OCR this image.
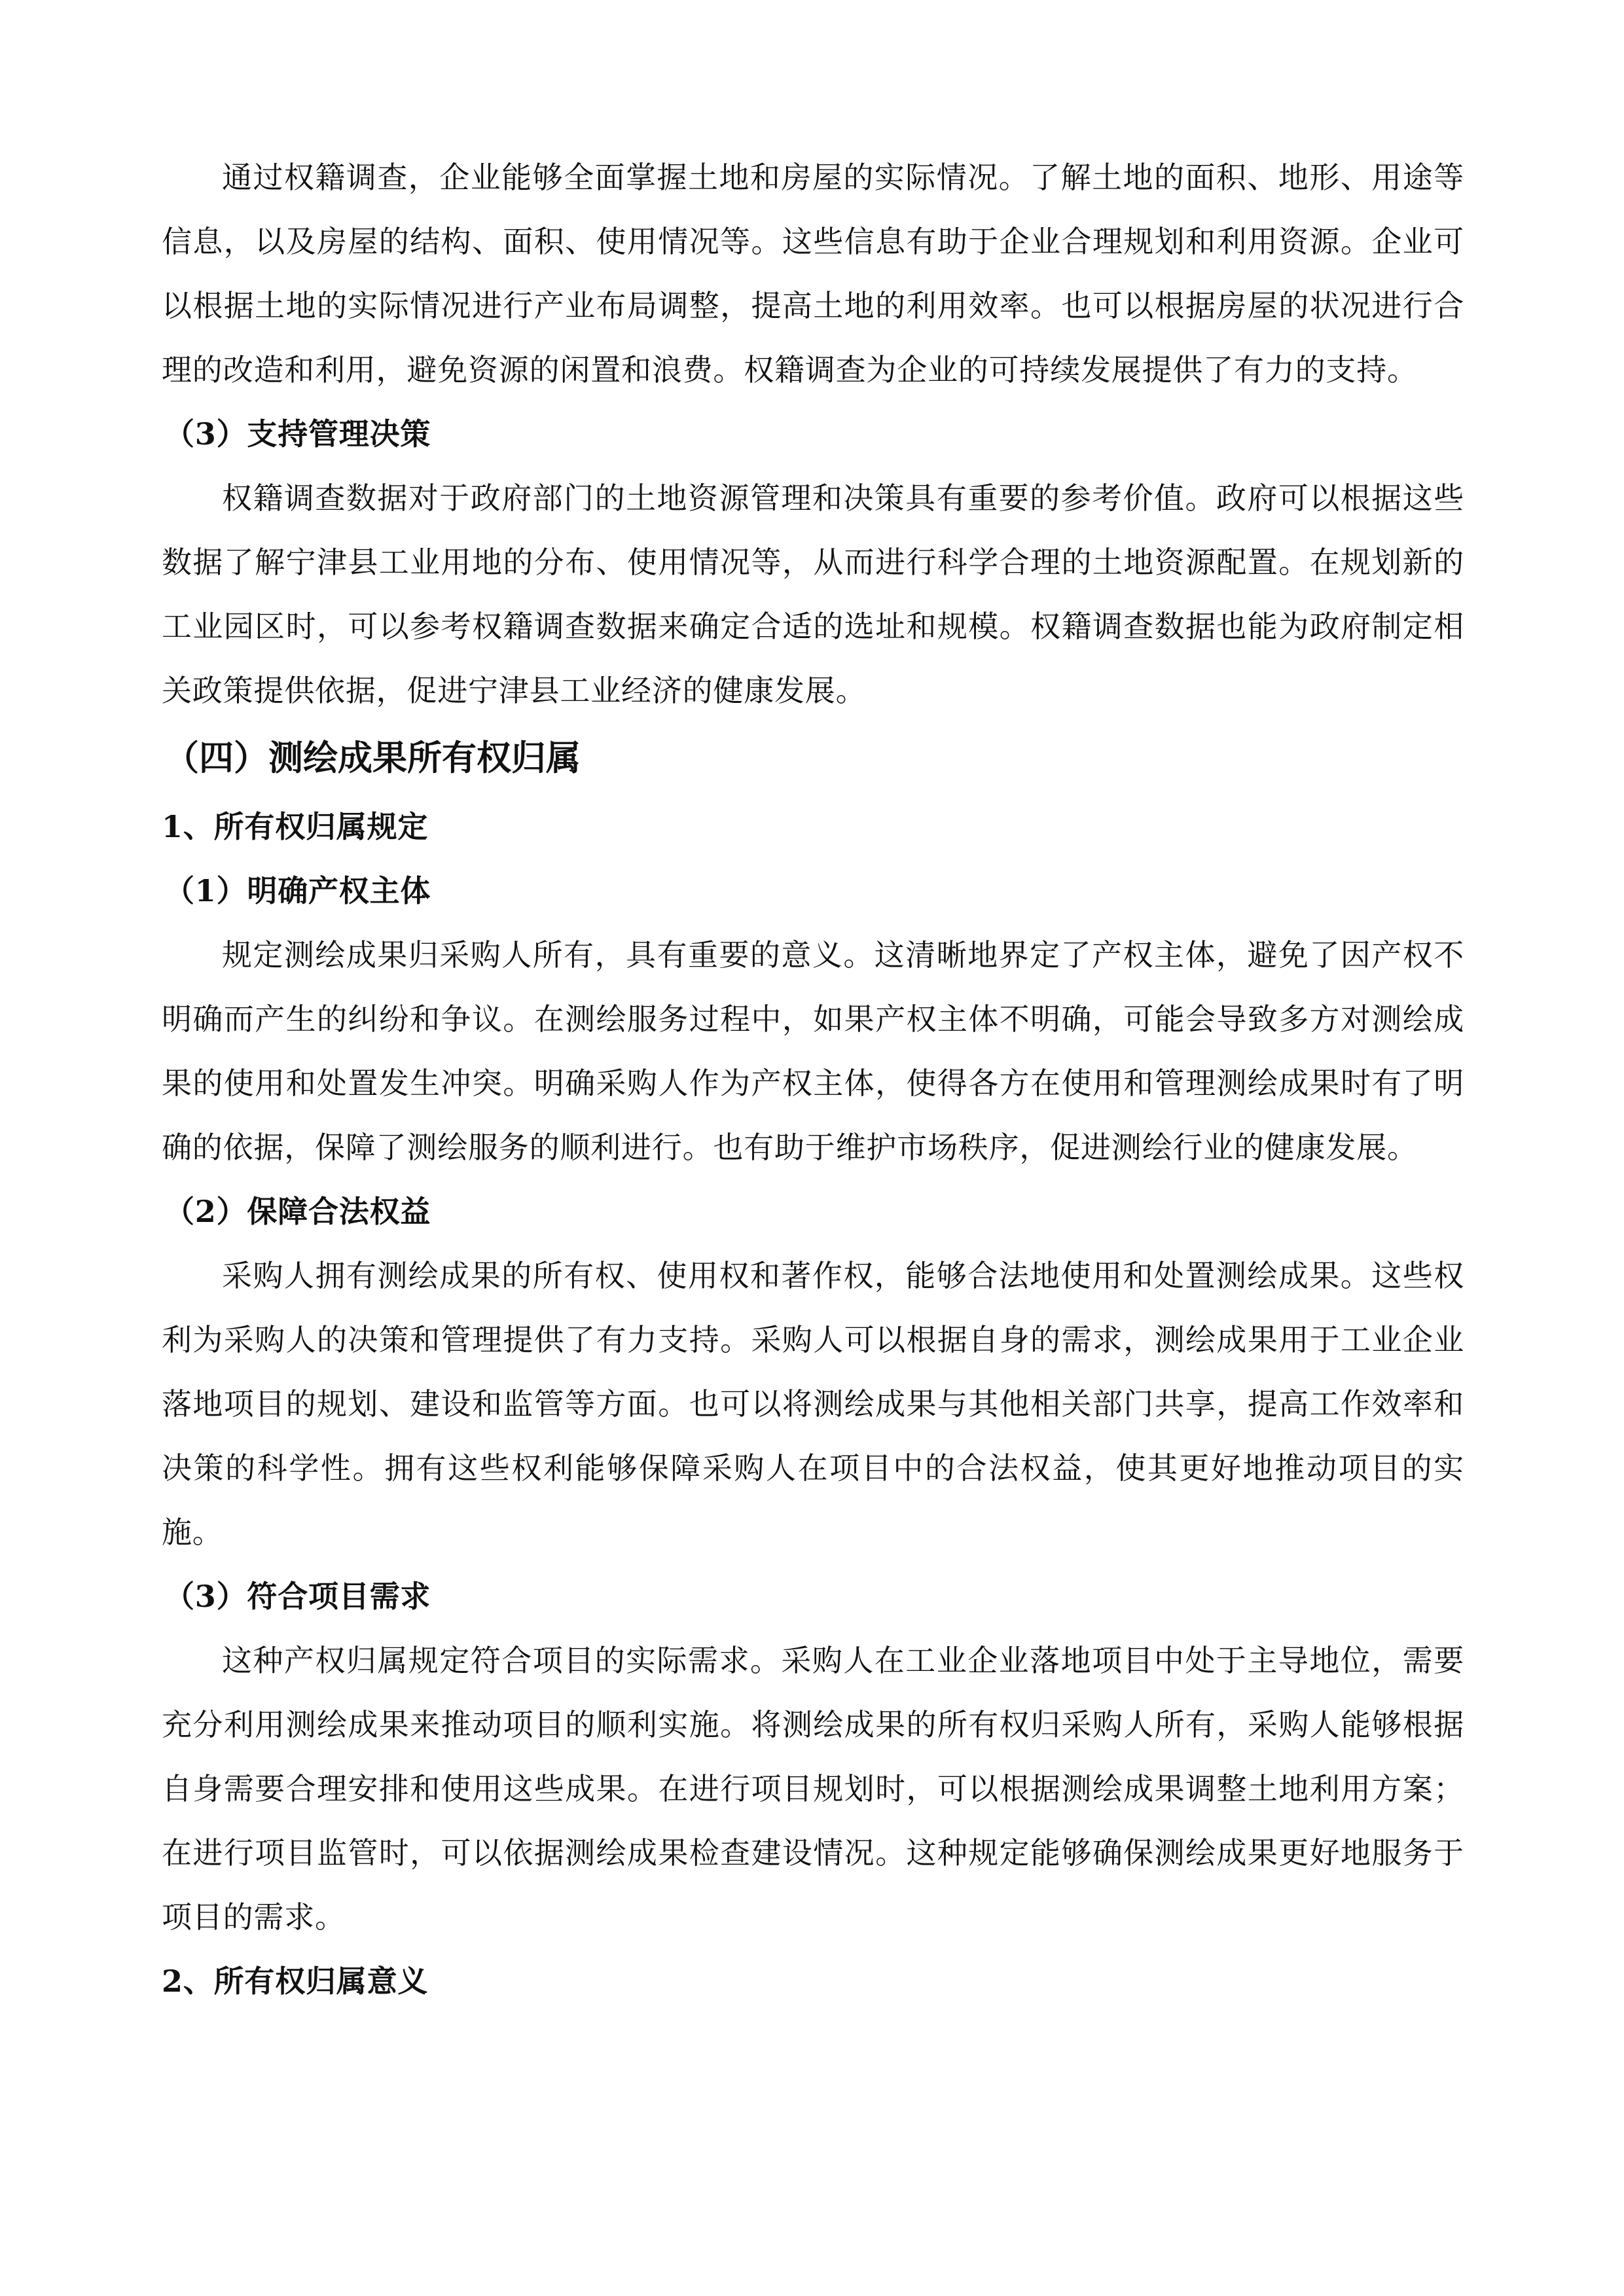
通过权籍调查，企业能够全面掌握土地和房屋的实际情况。了解土地的面积、地形、用途等信息，以及房屋的结构、面积、使用情况等。这些信息有助于企业合理规划和利用资源。企业可以根据土地的实际情况进行产业布局调整，提高土地的利用效率。也可以根据房屋的状况进行合理的改造和利用，避免资源的闲置和浪费。权籍调查为企业的可持续发展提供了有力的支持。

（3）支持管理决策

权籍调查数据对于政府部门的土地资源管理和决策具有重要的参考价值。政府可以根据这些数据了解宁津县工业用地的分布、使用情况等，从而进行科学合理的土地资源配置。在规划新的工业园区时，可以参考权籍调查数据来确定合适的选址和规模。权籍调查数据也能为政府制定相关政策提供依据，促进宁津县工业经济的健康发展。

（四）测绘成果所有权归属
1、所有权归属规定
（1）明确产权主体

规定测绘成果归采购人所有，具有重要的意义。这清晰地界定了产权主体，避免了因产权不明确而产生的纠纷和争议。在测绘服务过程中，如果产权主体不明确，可能会导致多方对测绘成果的使用和处置发生冲突。明确采购人作为产权主体，使得各方在使用和管理测绘成果时有了明确的依据，保障了测绘服务的顺利进行。也有助于维护市场秩序，促进测绘行业的健康发展。

（2）保障合法权益

采购人拥有测绘成果的所有权、使用权和著作权，能够合法地使用和处置测绘成果。这些权利为采购人的决策和管理提供了有力支持。采购人可以根据自身的需求，测绘成果用于工业企业落地项目的规划、建设和监管等方面。也可以将测绘成果与其他相关部门共享，提高工作效率和决策的科学性。拥有这些权利能够保障采购人在项目中的合法权益，使其更好地推动项目的实施。

（3）符合项目需求

这种产权归属规定符合项目的实际需求。采购人在工业企业落地项目中处于主导地位，需要充分利用测绘成果来推动项目的顺利实施。将测绘成果的所有权归采购人所有，采购人能够根据自身需要合理安排和使用这些成果。在进行项目规划时，可以根据测绘成果调整土地利用方案；在进行项目监管时，可以依据测绘成果检查建设情况。这种规定能够确保测绘成果更好地服务于项目的需求。

2、所有权归属意义
